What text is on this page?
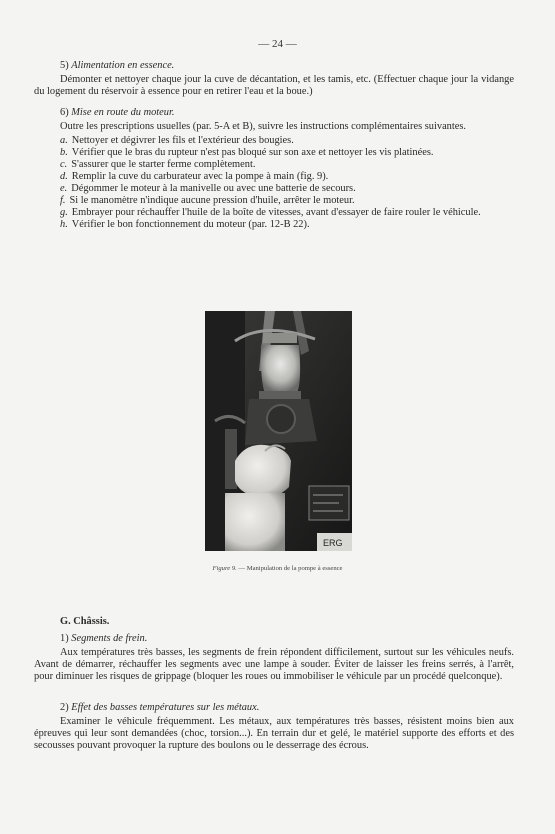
— 24 —

5) Alimentation en essence.

Démonter et nettoyer chaque jour la cuve de décantation, et les tamis, etc. (Effectuer chaque jour la vidange du logement du réservoir à essence pour en retirer l'eau et la boue.)

6) Mise en route du moteur.

Outre les prescriptions usuelles (par. 5-A et B), suivre les instructions complémentaires suivantes.

a. Nettoyer et dégivrer les fils et l'extérieur des bougies.

b. Vérifier que le bras du rupteur n'est pas bloqué sur son axe et nettoyer les vis platinées.

c. S'assurer que le starter ferme complètement.

d. Remplir la cuve du carburateur avec la pompe à main (fig. 9).

e. Dégommer le moteur à la manivelle ou avec une batterie de secours.

f. Si le manomètre n'indique aucune pression d'huile, arrêter le moteur.

g. Embrayer pour réchauffer l'huile de la boîte de vitesses, avant d'essayer de faire rouler le véhicule.

h. Vérifier le bon fonctionnement du moteur (par. 12-B 22).

ERG
Figure 9. — Manipulation de la pompe à essence
G. Châssis.

1) Segments de frein.

Aux températures très basses, les segments de frein répondent difficilement, surtout sur les véhicules neufs. Avant de démarrer, réchauffer les segments avec une lampe à souder. Éviter de laisser les freins serrés, à l'arrêt, pour diminuer les risques de grippage (bloquer les roues ou immobiliser le véhicule par un procédé quelconque).

2) Effet des basses températures sur les métaux.

Examiner le véhicule fréquemment. Les métaux, aux températures très basses, résistent moins bien aux épreuves qui leur sont demandées (choc, torsion...). En terrain dur et gelé, le matériel supporte des efforts et des secousses pouvant provoquer la rupture des boulons ou le desserrage des écrous.
